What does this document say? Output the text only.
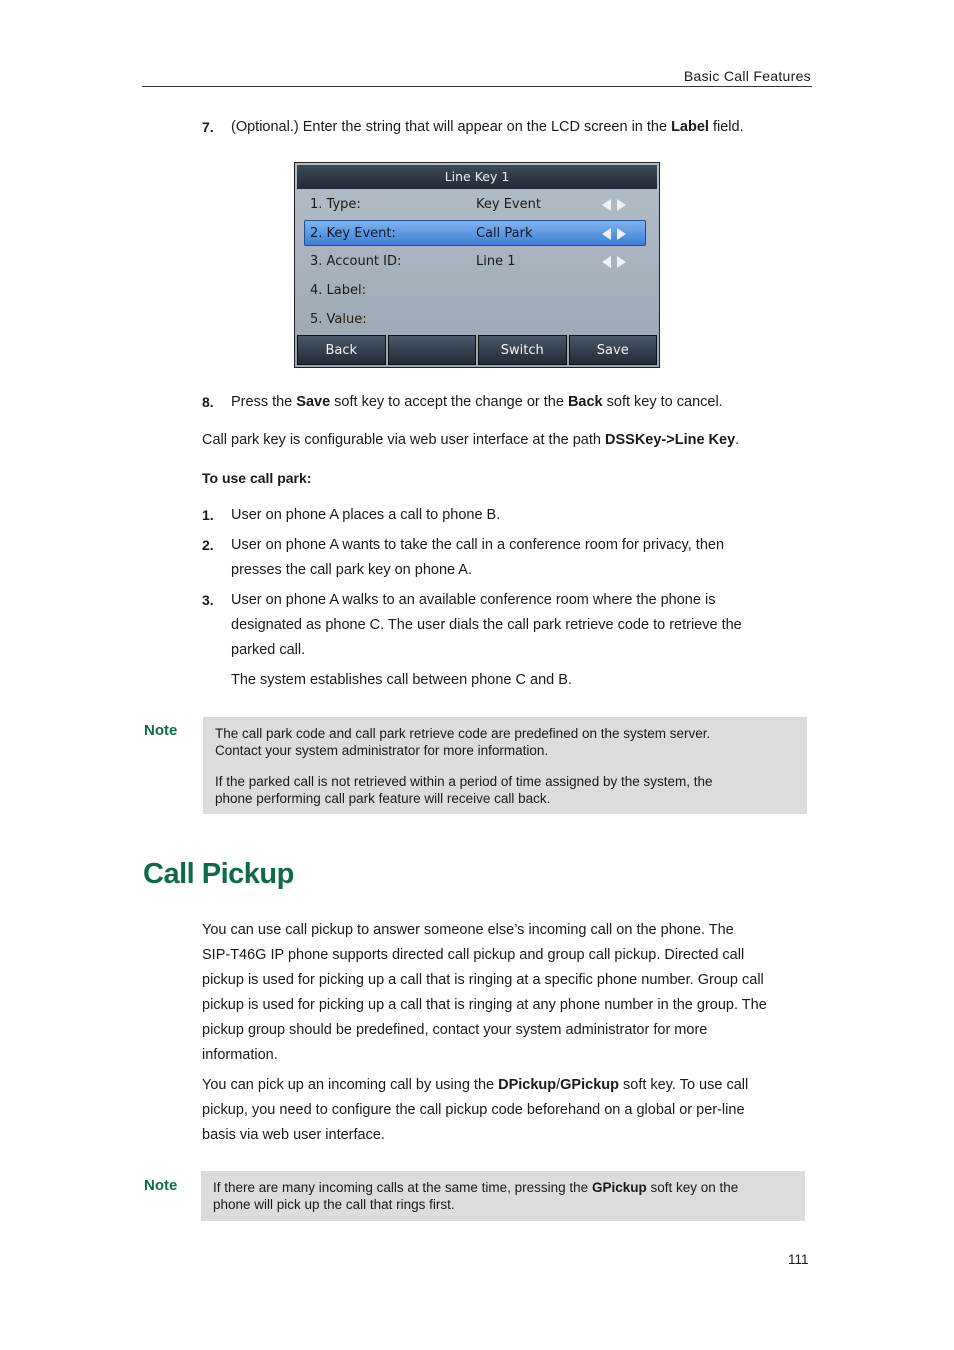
Basic Call Features
7. (Optional.) Enter the string that will appear on the LCD screen in the Label field.
Line Key 1
1. Type:	Key Event
2. Key Event:	Call Park
3. Account ID:	Line 1
4. Label:
5. Value:
Back	Switch	Save
8. Press the Save soft key to accept the change or the Back soft key to cancel.
Call park key is configurable via web user interface at the path DSSKey->Line Key.
To use call park:
1. User on phone A places a call to phone B.
2. User on phone A wants to take the call in a conference room for privacy, then
presses the call park key on phone A.
3. User on phone A walks to an available conference room where the phone is
designated as phone C. The user dials the call park retrieve code to retrieve the
parked call.
The system establishes call between phone C and B.
Note	The call park code and call park retrieve code are predefined on the system server.

Contact your system administrator for more information.

If the parked call is not retrieved within a period of time assigned by the system, the

phone performing call park feature will receive call back.

Call Pickup
You can use call pickup to answer someone else’s incoming call on the phone. The
SIP-T46G IP phone supports directed call pickup and group call pickup. Directed call
pickup is used for picking up a call that is ringing at a specific phone number. Group call
pickup is used for picking up a call that is ringing at any phone number in the group. The
pickup group should be predefined, contact your system administrator for more
information.
You can pick up an incoming call by using the DPickup/GPickup soft key. To use call
pickup, you need to configure the call pickup code beforehand on a global or per-line
basis via web user interface.
Note	If there are many incoming calls at the same time, pressing the GPickup soft key on the

phone will pick up the call that rings first.

111
